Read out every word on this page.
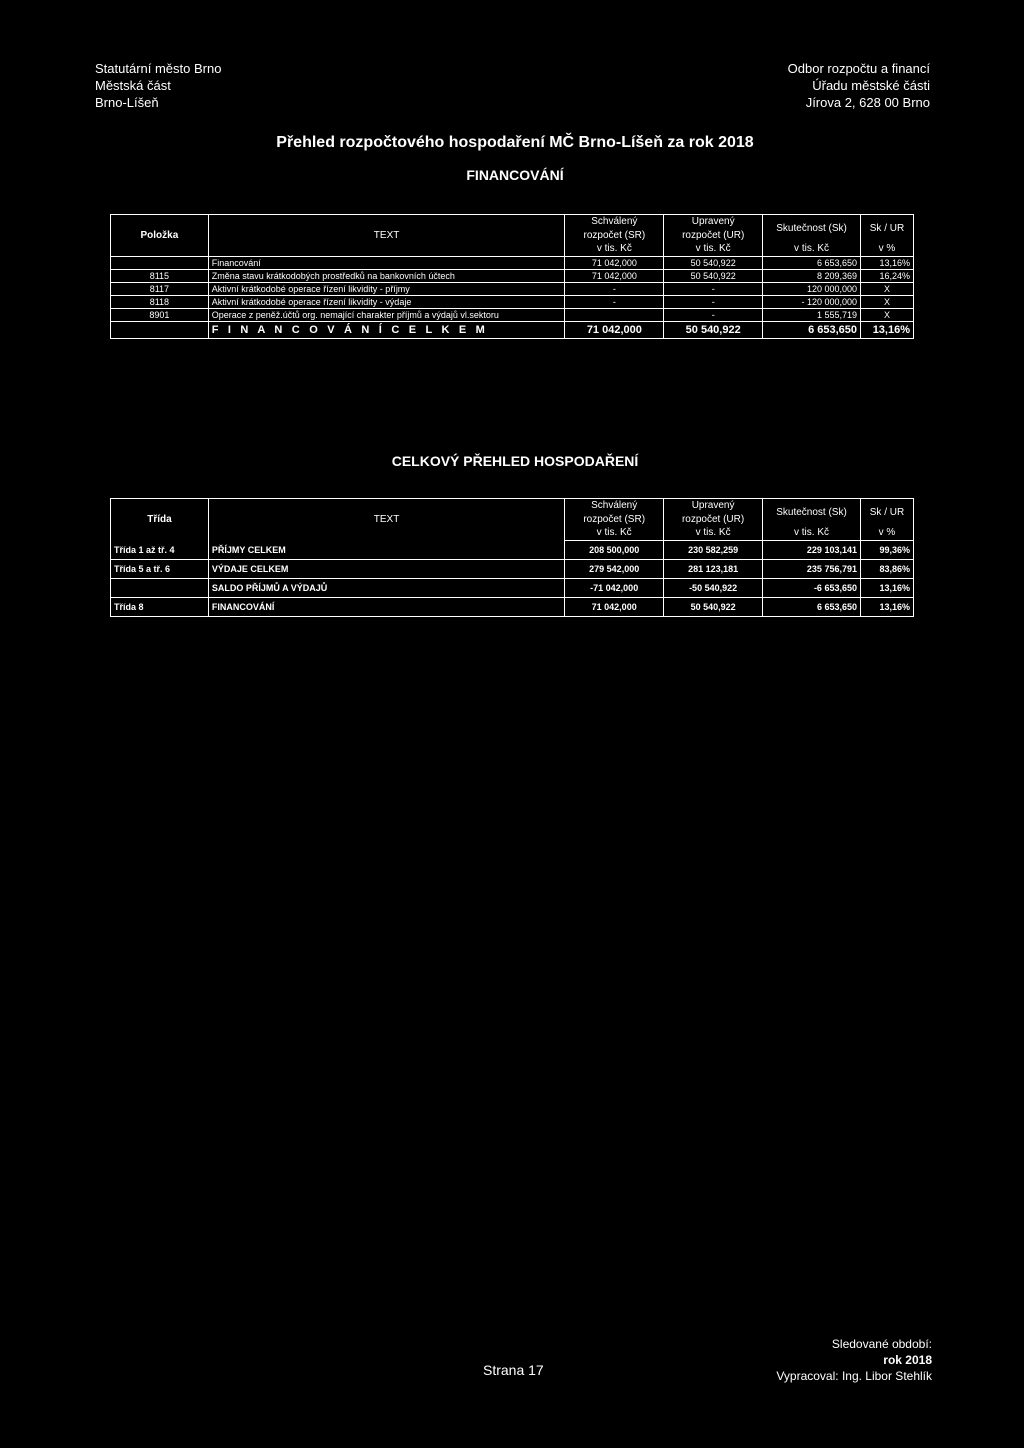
Statutární město Brno
Městská část
Brno-Líšeň
Odbor rozpočtu a financí
Úřadu městské části
Jírova 2, 628 00 Brno
Přehled rozpočtového hospodaření MČ Brno-Líšeň za rok 2018
FINANCOVÁNÍ
Položka	TEXT	Schválený	Upravený	Skutečnost (Sk)	Sk / UR
		rozpočet (SR)	rozpočet (UR)		
		v tis. Kč	v tis. Kč	v tis. Kč	v %
	Financování	71 042,000	50 540,922	6 653,650	13,16%
8115	Změna stavu krátkodobých prostředků na bankovních účtech	71 042,000	50 540,922	8 209,369	16,24%
8117	Aktivní krátkodobé operace řízení likvidity - příjmy	-	-	120 000,000	X
8118	Aktivní krátkodobé operace řízení likvidity - výdaje	-	-	- 120 000,000	X
8901	Operace z peněž.účtů org. nemající charakter příjmů a výdajů vl.sektoru		-	1 555,719	X
	F I N A N C O V Á N Í C E L K E M	71 042,000	50 540,922	6 653,650	13,16%
CELKOVÝ PŘEHLED HOSPODAŘENÍ
Třída	TEXT	Schválený	Upravený	Skutečnost (Sk)	Sk / UR
		rozpočet (SR)	rozpočet (UR)		
		v tis. Kč	v tis. Kč	v tis. Kč	v %
Třída 1 až tř. 4	PŘÍJMY CELKEM	208 500,000	230 582,259	229 103,141	99,36%
Třída 5 a tř. 6	VÝDAJE CELKEM	279 542,000	281 123,181	235 756,791	83,86%
	SALDO PŘÍJMŮ A VÝDAJŮ	-71 042,000	-50 540,922	-6 653,650	13,16%
Třída 8	FINANCOVÁNÍ	71 042,000	50 540,922	6 653,650	13,16%
Strana 17
Sledované období:
rok 2018
Vypracoval: Ing. Libor Stehlík
